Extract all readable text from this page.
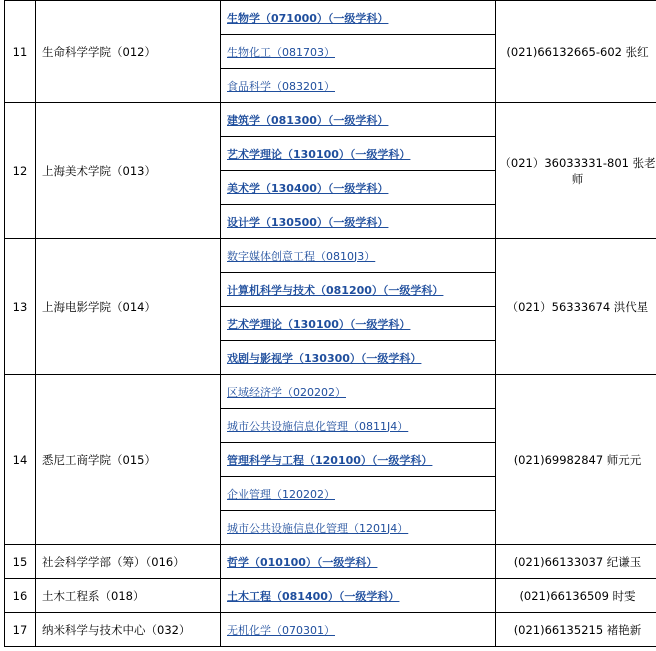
11	生命科学学院（012）	生物学（071000）（一级学科）	(021)66132665-602 张红
		生物化工（081703）	
		食品科学（083201）	
12	上海美术学院（013）	建筑学（081300）（一级学科）	（021）36033331-801 张老师
		艺术学理论（130100）（一级学科）	
		美术学（130400）（一级学科）	
		设计学（130500）（一级学科）	
13	上海电影学院（014）	数字媒体创意工程（0810J3）	（021）56333674 洪代星
		计算机科学与技术（081200）（一级学科）	
		艺术学理论（130100）（一级学科）	
		戏剧与影视学（130300）（一级学科）	
14	悉尼工商学院（015）	区域经济学（020202）	(021)69982847 师元元
		城市公共设施信息化管理（0811J4）	
		管理科学与工程（120100）（一级学科）	
		企业管理（120202）	
		城市公共设施信息化管理（1201J4）	
15	社会科学学部（筹）（016）	哲学（010100）（一级学科）	(021)66133037 纪谦玉
16	土木工程系（018）	土木工程（081400）（一级学科）	(021)66136509 时雯
17	纳米科学与技术中心（032）	无机化学（070301）	(021)66135215 褚艳新
